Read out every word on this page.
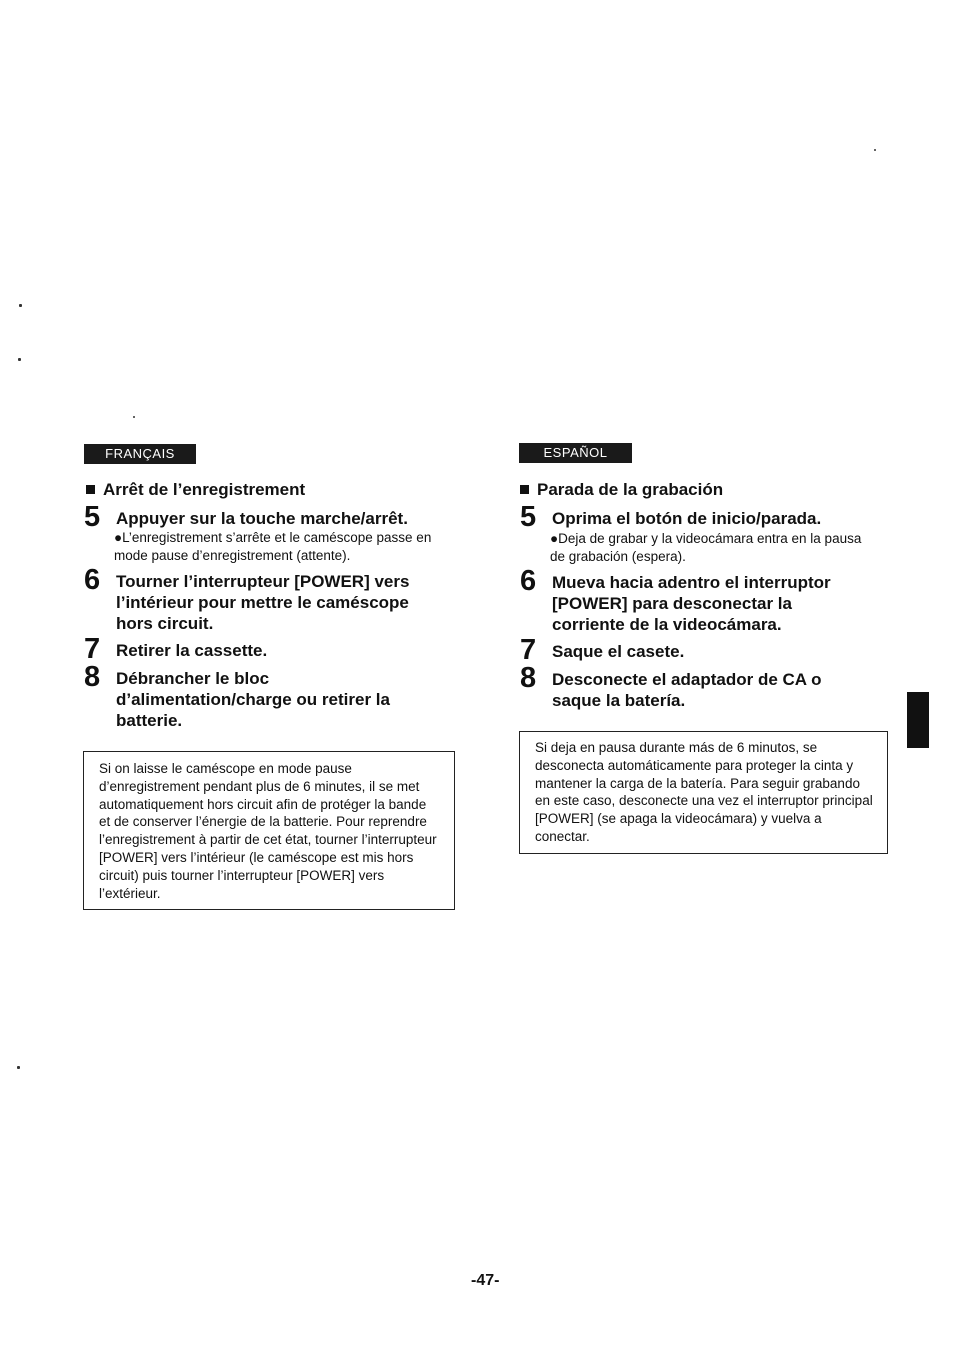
FRANÇAIS
Arrêt de l’enregistrement
5 Appuyer sur la touche marche/arrêt.
●L’enregistrement s’arrête et le caméscope passe en mode pause d’enregistrement (attente).
6 Tourner l’interrupteur [POWER] vers l’intérieur pour mettre le caméscope hors circuit.
7 Retirer la cassette.
8 Débrancher le bloc d’alimentation/charge ou retirer la batterie.
Si on laisse le caméscope en mode pause d’enregistrement pendant plus de 6 minutes, il se met automatiquement hors circuit afin de protéger la bande et de conserver l’énergie de la batterie. Pour reprendre l’enregistrement à partir de cet état, tourner l’interrupteur [POWER] vers l’intérieur (le caméscope est mis hors circuit) puis tourner l’interrupteur [POWER] vers l’extérieur.
ESPAÑOL
Parada de la grabación
5 Oprima el botón de inicio/parada.
●Deja de grabar y la videocámara entra en la pausa de grabación (espera).
6 Mueva hacia adentro el interruptor [POWER] para desconectar la corriente de la videocámara.
7 Saque el casete.
8 Desconecte el adaptador de CA o saque la batería.
Si deja en pausa durante más de 6 minutos, se desconecta automáticamente para proteger la cinta y mantener la carga de la batería. Para seguir grabando en este caso, desconecte una vez el interruptor principal [POWER] (se apaga la videocámara) y vuelva a conectar.
-47-
